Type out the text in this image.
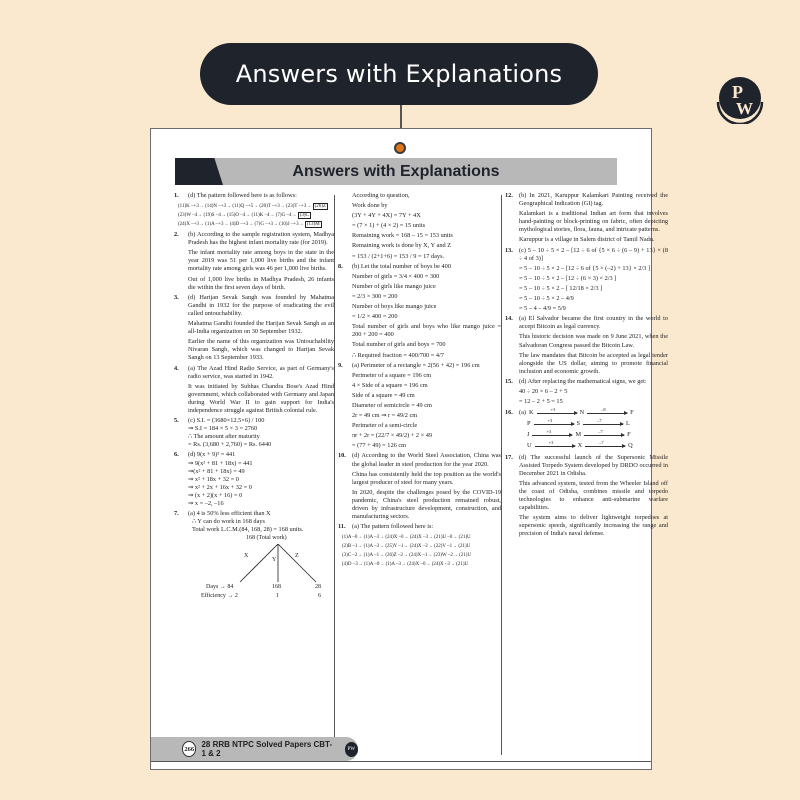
Answers with Explanations
P
W
Answers with Explanations
1. (d) The pattern followed here is as follows:

(11)K –+3→ (14)N –+3→ (11)Q –+5→ (20)T –+3→ (23)T –+3→ (26)Z
(23)W –4→ (19)S –4→ (15)O –4→ (11)K –4→ (7)G –4→ (3)C
(24)X –+3→ (1)A –+3→ (4)D –+3→ (7)G –+3→ (10)J –+3→ (13)M
2. (b) According to the sample registration system, Madhya Pradesh has the highest infant mortality rate (for 2019).

The infant mortality rate among boys in the state in the year 2019 was 51 per 1,000 live births and the infant mortality rate among girls was 46 per 1,000 live births.

Out of 1,000 live births in Madhya Pradesh, 26 infants die within the first seven days of birth.

3. (d) Harijan Sevak Sangh was founded by Mahatma Gandhi in 1932 for the purpose of eradicating the evil called untouchability.

Mahatma Gandhi founded the Harijan Sevak Sangh as an all-India organization on 30 September 1932.

Earlier the name of this organization was Untouchability Nivaran Sangh, which was changed to Harijan Sevak Sangh on 13 September 1933.

4. (a) The Azad Hind Radio Service, as part of Germany's radio service, was started in 1942.

It was initiated by Subhas Chandra Bose's Azad Hind government, which collaborated with Germany and Japan during World War II to gain support for India's independence struggle against British colonial rule.

5. (c) S.I. = (3680×12.5×6) / 100
⇒ S.I = 184 × 5 × 3 = 2760
∴ The amount after maturity
= Rs. (3,680 + 2,760) = Rs. 6440
6. (d) 9(x + 9)² = 441
⇒ 9(x² + 81 + 18x) = 441
⇒(x² + 81 + 18x) = 49
⇒ x² + 18x + 32 = 0
⇒ x² + 2x + 16x + 32 = 0
⇒ (x + 2)(x + 16) = 0
⇒ x = –2, –16
7. (a) 4 is 50% less efficient than X
∴ Y can do work in 168 days
Total work L.C.M.(84, 168, 28) = 168 units.
168 (Total work)
X
Y
Z
Days → 84	168	28
Efficiency → 2	1	6

According to question,

Work done by

(3Y + 4Y + 4X) = 7Y + 4X

= (7 × 1) + (4 × 2) = 15 units

Remaining work = 168 – 15 = 153 units

Remaining work is done by X, Y and Z

= 153 / (2+1+6) = 153 / 9 = 17 days.

8. (b) Let the total number of boys be 400

Number of girls = 3/4 × 400 = 300

Number of girls like mango juice

= 2/3 × 300 = 200

Number of boys like mango juice

= 1/2 × 400 = 200

Total number of girls and boys who like mango juice = 200 + 200 = 400

Total number of girls and boys = 700

∴ Required fraction = 400/700 = 4/7

9. (a) Perimeter of a rectangle = 2(56 + 42) = 196 cm

Perimeter of a square = 196 cm

4 × Side of a square = 196 cm

Side of a square = 49 cm

Diameter of semicircle = 49 cm

2r = 49 cm ⇒ r = 49/2 cm

Perimeter of a semi-circle

πr + 2r = (22/7 × 49/2) + 2 × 49

= (77 + 49) = 126 cm

10. (d) According to the World Steel Association, China was the global leader in steel production for the year 2020.

China has consistently held the top position as the world's largest producer of steel for many years.

In 2020, despite the challenges posed by the COVID-19 pandemic, China's steel production remained robust, driven by infrastructure development, construction, and manufacturing sectors.

11. (a) The pattern followed here is:

(1)A –0→ (1)A –3→ (24)X –0→ (24)X –3→ (21)U –0→ (21)U
(2)B –1→ (1)A –3→ (25)Y –1→ (24)X –2→ (22)V –1→ (21)U
(3)C –2→ (1)A –1→ (26)Z –2→ (24)X –1→ (23)W –2→ (21)U
(4)D –3→ (1)A –0→ (1)A –3→ (24)X –0→ (24)X –3→ (21)U
12. (b) In 2021, Karuppur Kalamkari Painting received the Geographical Indication (GI) tag.

Kalamkari is a traditional Indian art form that involves hand-painting or block-printing on fabric, often depicting mythological stories, flora, fauna, and intricate patterns.

Karuppur is a village in Salem district of Tamil Nadu.

13. (c) 5 – 10 ÷ 5 × 2 – [12 ÷ 6 of {5 × 6 ÷ (6 – 9) + 13} × (8 ÷ 4 of 3)]

= 5 – 10 ÷ 5 × 2 – [12 ÷ 6 of {5 × (–2) + 13} × 2/3 ]

= 5 – 10 ÷ 5 × 2 – [12 ÷ (6 × 3) × 2/3 ]

= 5 – 10 ÷ 5 × 2 – [ 12/18 × 2/3 ]

= 5 – 10 ÷ 5 × 2 – 4/9

= 5 – 4 – 4/9 = 5/9

14. (a) El Salvador became the first country in the world to accept Bitcoin as legal currency.

This historic decision was made on 9 June 2021, when the Salvadoran Congress passed the Bitcoin Law.

The law mandates that Bitcoin be accepted as legal tender alongside the US dollar, aiming to promote financial inclusion and economic growth.

15. (d) After replacing the mathematical signs, we get:

40 ÷ 20 × 6 – 2 + 5

= 12 – 2 + 5 = 15

16. (a) K	+3	N	–8	F
P	+3	S	–7	L
J	+3	M	–7	F
U	+3	X	–7	Q
17. (d) The successful launch of the Supersonic Missile Assisted Torpedo System developed by DRDO occurred in December 2021 in Odisha.

This advanced system, tested from the Wheeler Island off the coast of Odisha, combines missile and torpedo technologies to enhance anti-submarine warfare capabilities.

The system aims to deliver lightweight torpedoes at supersonic speeds, significantly increasing the range and precision of India's naval defense.

266 28 RRB NTPC Solved Papers CBT-1 & 2	PW
